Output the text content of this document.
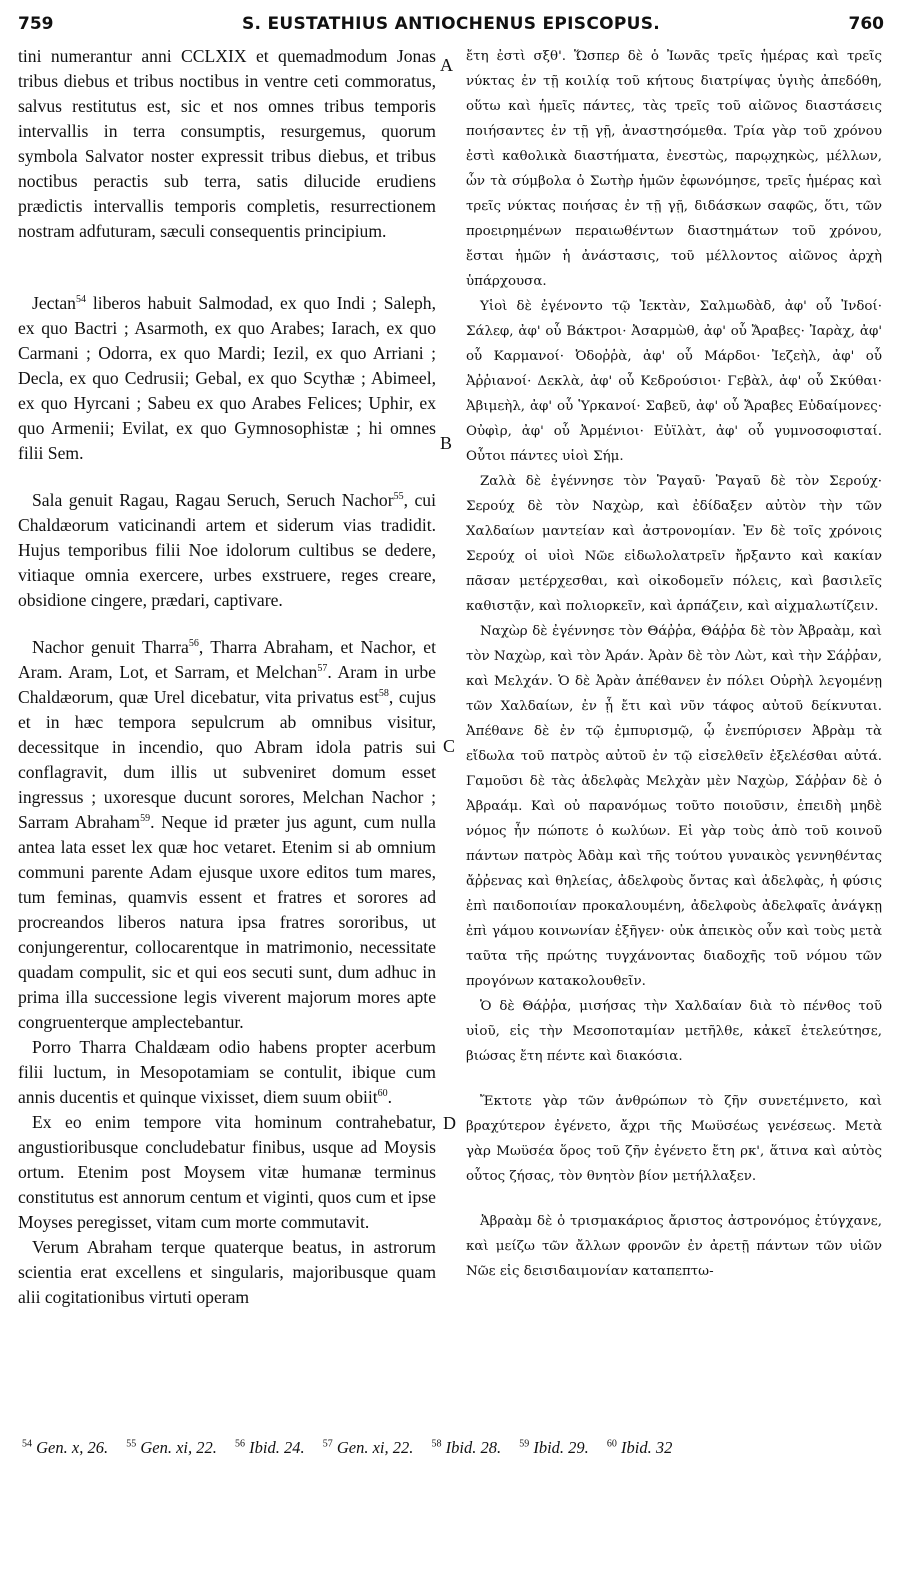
759	S. EUSTATHIUS ANTIOCHENUS EPISCOPUS.	760

tini numerantur anni CCLXIX et quemadmodum Jonas tribus diebus et tribus noctibus in ventre ceti commoratus, salvus restitutus est, sic et nos omnes tribus temporis intervallis in terra consumptis, resurgemus, quorum symbola Salvator noster expressit tribus diebus, et tribus noctibus peractis sub terra, satis dilucide erudiens prædictis intervallis temporis completis, resurrectionem nostram adfuturam, sæculi consequentis principium.

Jectan$^{54}$ liberos habuit Salmodad, ex quo Indi ; Saleph, ex quo Bactri ; Asarmoth, ex quo Arabes; Iarach, ex quo Carmani ; Odorra, ex quo Mardi; Iezil, ex quo Arriani ; Decla, ex quo Cedrusii; Gebal, ex quo Scythæ ; Abimeel, ex quo Hyrcani ; Sabeu ex quo Arabes Felices; Uphir, ex quo Armenii; Evilat, ex quo Gymnosophistæ ; hi omnes filii Sem.

Sala genuit Ragau, Ragau Seruch, Seruch Nachor$^{55}$, cui Chaldæorum vaticinandi artem et siderum vias tradidit. Hujus temporibus filii Noe idolorum cultibus se dedere, vitiaque omnia exercere, urbes exstruere, reges creare, obsidione cingere, prædari, captivare.

Nachor genuit Tharra$^{56}$, Tharra Abraham, et Nachor, et Aram. Aram, Lot, et Sarram, et Melchan$^{57}$. Aram in urbe Chaldæorum, quæ Urel dicebatur, vita privatus est$^{58}$, cujus et in hæc tempora sepulcrum ab omnibus visitur, decessitque in incendio, quo Abram idola patris sui conflagravit, dum illis ut subveniret domum esset ingressus ; uxoresque ducunt sorores, Melchan Nachor ; Sarram Abraham$^{59}$. Neque id præter jus agunt, cum nulla antea lata esset lex quæ hoc vetaret. Etenim si ab omnium communi parente Adam ejusque uxore editos tum mares, tum feminas, quamvis essent et fratres et sorores ad procreandos liberos natura ipsa fratres sororibus, ut conjungerentur, collocarentque in matrimonio, necessitate quadam compulit, sic et qui eos secuti sunt, dum adhuc in prima illa successione legis viverent majorum mores apte congruenterque amplectebantur.

Porro Tharra Chaldæam odio habens propter acerbum filii luctum, in Mesopotamiam se contulit, ibique cum annis ducentis et quinque vixisset, diem suum obiit$^{60}$.

Ex eo enim tempore vita hominum contrahebatur, angustioribusque concludebatur finibus, usque ad Moysis ortum. Etenim post Moysem vitæ humanæ terminus constitutus est annorum centum et viginti, quos cum et ipse Moyses peregisset, vitam cum morte commutavit.

Verum Abraham terque quaterque beatus, in astrorum scientia erat excellens et singularis, majoribusque quam alii cogitationibus virtuti operam

A
B
C
D

ἔτη ἐστὶ σξθ'. Ὥσπερ δὲ ὁ Ἰωνᾶς τρεῖς ἡμέρας καὶ τρεῖς νύκτας ἐν τῇ κοιλίᾳ τοῦ κήτους διατρίψας ὑγιὴς ἀπεδόθη, οὕτω καὶ ἡμεῖς πάντες, τὰς τρεῖς τοῦ αἰῶνος διαστάσεις ποιήσαντες ἐν τῇ γῇ, ἀναστησόμεθα. Τρία γὰρ τοῦ χρόνου ἐστὶ καθολικὰ διαστήματα, ἐνεστὼς, παρῳχηκὼς, μέλλων, ὧν τὰ σύμβολα ὁ Σωτὴρ ἡμῶν ἐφωνόμησε, τρεῖς ἡμέρας καὶ τρεῖς νύκτας ποιήσας ἐν τῇ γῇ, διδάσκων σαφῶς, ὅτι, τῶν προειρημένων περαιωθέντων διαστημάτων τοῦ χρόνου, ἔσται ἡμῶν ἡ ἀνάστασις, τοῦ μέλλοντος αἰῶνος ἀρχὴ ὑπάρχουσα.

Υἱοὶ δὲ ἐγένοντο τῷ Ἰεκτὰν, Σαλμωδὰδ, ἀφ' οὗ Ἰνδοί· Σάλεφ, ἀφ' οὗ Βάκτροι· Ἀσαρμὼθ, ἀφ' οὗ Ἄραβες· Ἰαρὰχ, ἀφ' οὗ Καρμανοί· Ὀδοῤῥὰ, ἀφ' οὗ Μάρδοι· Ἰεζεὴλ, ἀφ' οὗ Ἀῤῥιανοί· Δεκλὰ, ἀφ' οὗ Κεδρούσιοι· Γεβὰλ, ἀφ' οὗ Σκύθαι· Ἀβιμεὴλ, ἀφ' οὗ Ὑρκανοί· Σαβεῦ, ἀφ' οὗ Ἄραβες Εὐδαίμονες· Οὐφὶρ, ἀφ' οὗ Ἀρμένιοι· Εὐϊλὰτ, ἀφ' οὗ γυμνοσοφισταί. Οὗτοι πάντες υἱοὶ Σήμ.

Ζαλὰ δὲ ἐγέννησε τὸν Ῥαγαῦ· Ῥαγαῦ δὲ τὸν Σερούχ· Σερούχ δὲ τὸν Ναχὼρ, καὶ ἐδίδαξεν αὐτὸν τὴν τῶν Χαλδαίων μαντείαν καὶ ἀστρονομίαν. Ἐν δὲ τοῖς χρόνοις Σερούχ οἱ υἱοὶ Νῶε εἰδωλολατρεῖν ἤρξαντο καὶ κακίαν πᾶσαν μετέρχεσθαι, καὶ οἰκοδομεῖν πόλεις, καὶ βασιλεῖς καθιστᾷν, καὶ πολιορκεῖν, καὶ ἁρπάζειν, καὶ αἰχμαλωτίζειν.

Ναχὼρ δὲ ἐγέννησε τὸν Θάῤῥα, Θάῤῥα δὲ τὸν Ἀβραὰμ, καὶ τὸν Ναχὼρ, καὶ τὸν Ἀράν. Ἀρὰν δὲ τὸν Λὼτ, καὶ τὴν Σάῤῥαν, καὶ Μελχάν. Ὁ δὲ Ἀρὰν ἀπέθανεν ἐν πόλει Οὐρὴλ λεγομένῃ τῶν Χαλδαίων, ἐν ᾗ ἔτι καὶ νῦν τάφος αὐτοῦ δείκνυται. Ἀπέθανε δὲ ἐν τῷ ἐμπυρισμῷ, ᾧ ἐνεπύρισεν Ἀβρὰμ τὰ εἴδωλα τοῦ πατρὸς αὐτοῦ ἐν τῷ εἰσελθεῖν ἐξελέσθαι αὐτά. Γαμοῦσι δὲ τὰς ἀδελφὰς Μελχὰν μὲν Ναχὼρ, Σάῤῥαν δὲ ὁ Ἀβραάμ. Καὶ οὐ παρανόμως τοῦτο ποιοῦσιν, ἐπειδὴ μηδὲ νόμος ἦν πώποτε ὁ κωλύων. Εἰ γὰρ τοὺς ἀπὸ τοῦ κοινοῦ πάντων πατρὸς Ἀδὰμ καὶ τῆς τούτου γυναικὸς γεννηθέντας ἄῤῥενας καὶ θηλείας, ἀδελφοὺς ὄντας καὶ ἀδελφὰς, ἡ φύσις ἐπὶ παιδοποιίαν προκαλουμένη, ἀδελφοὺς ἀδελφαῖς ἀνάγκῃ ἐπὶ γάμου κοινωνίαν ἐξῆγεν· οὐκ ἀπεικὸς οὖν καὶ τοὺς μετὰ ταῦτα τῆς πρώτης τυγχάνοντας διαδοχῆς τοῦ νόμου τῶν προγόνων κατακολουθεῖν.

Ὁ δὲ Θάῤῥα, μισήσας τὴν Χαλδαίαν διὰ τὸ πένθος τοῦ υἱοῦ, εἰς τὴν Μεσοποταμίαν μετῆλθε, κἀκεῖ ἐτελεύτησε, βιώσας ἔτη πέντε καὶ διακόσια.

Ἔκτοτε γὰρ τῶν ἀνθρώπων τὸ ζῆν συνετέμνετο, καὶ βραχύτερον ἐγένετο, ἄχρι τῆς Μωϋσέως γενέσεως. Μετὰ γὰρ Μωϋσέα ὅρος τοῦ ζῆν ἐγένετο ἔτη ρκ', ἅτινα καὶ αὐτὸς οὗτος ζήσας, τὸν θνητὸν βίον μετήλλαξεν.

Ἀβραὰμ δὲ ὁ τρισμακάριος ἄριστος ἀστρονόμος ἐτύγχανε, καὶ μείζω τῶν ἄλλων φρονῶν ἐν ἀρετῇ πάντων τῶν υἱῶν Νῶε εἰς δεισιδαιμονίαν καταπεπτω-

$^{54}$ Gen. x, 26. $^{55}$ Gen. xi, 22. $^{56}$ Ibid. 24. $^{57}$ Gen. xi, 22. $^{58}$ Ibid. 28. $^{59}$ Ibid. 29. $^{60}$ Ibid. 32
